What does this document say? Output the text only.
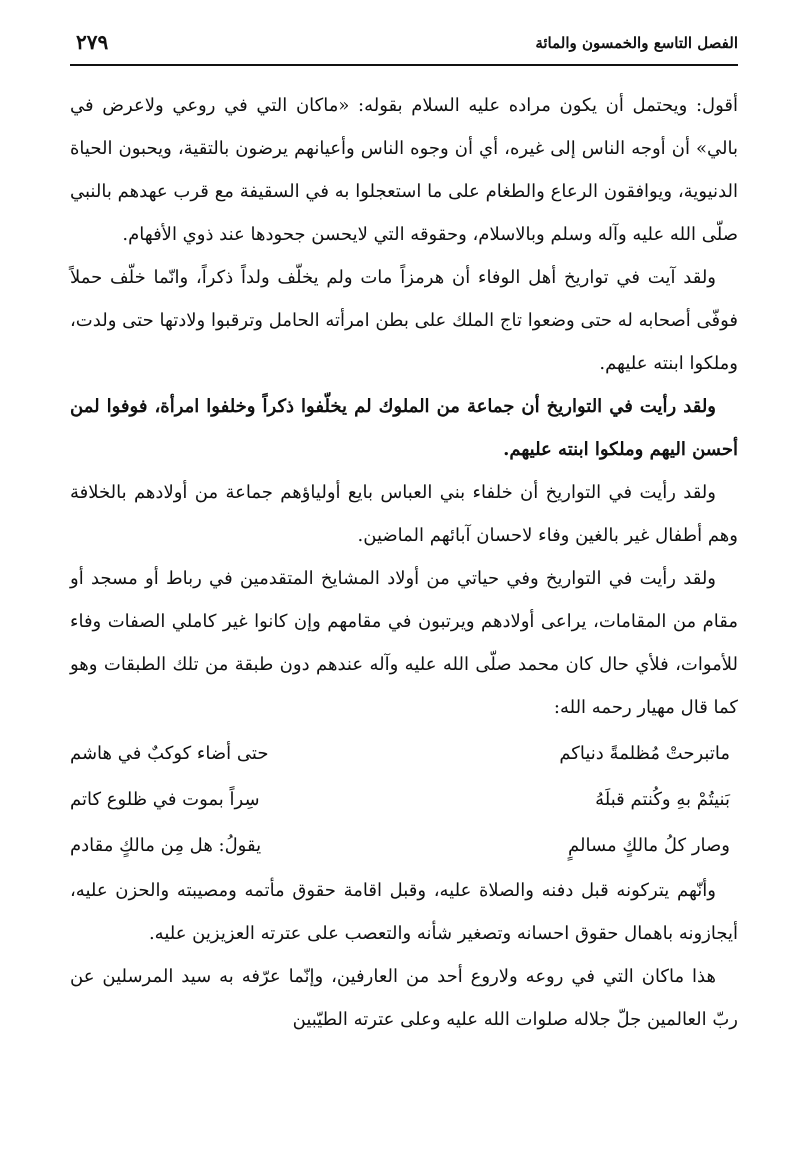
الفصل التاسع والخمسون والمائة
٢٧٩

أقول: ويحتمل أن يكون مراده عليه السلام بقوله: «ماكان التي في روعي ولاعرض في بالي» أن أوجه الناس إلى غيره، أي أن وجوه الناس وأعيانهم يرضون بالتقية، ويحبون الحياة الدنيوية، ويوافقون الرعاع والطغام على ما استعجلوا به في السقيفة مع قرب عهدهم بالنبي صلّى الله عليه وآله وسلم وبالاسلام، وحقوقه التي لايحسن جحودها عند ذوي الأفهام.

ولقد آيت في تواريخ أهل الوفاء أن هرمزاً مات ولم يخلّف ولداً ذكراً، وانّما خلّف حملاً فوفّى أصحابه له حتى وضعوا تاج الملك على بطن امرأته الحامل وترقبوا ولادتها حتى ولدت، وملكوا ابنته عليهم.

ولقد رأيت في التواريخ أن جماعة من الملوك لم يخلّفوا ذكراً وخلفوا امرأة، فوفوا لمن أحسن اليهم وملكوا ابنته عليهم.

ولقد رأيت في التواريخ أن خلفاء بني العباس بايع أولياؤهم جماعة من أولادهم بالخلافة وهم أطفال غير بالغين وفاء لاحسان آبائهم الماضين.

ولقد رأيت في التواريخ وفي حياتي من أولاد المشايخ المتقدمين في رباط أو مسجد أو مقام من المقامات، يراعى أولادهم ويرتبون في مقامهم وإن كانوا غير كاملي الصفات وفاء للأموات، فلأي حال كان محمد صلّى الله عليه وآله عندهم دون طبقة من تلك الطبقات وهو كما قال مهيار رحمه الله:

ماتبرحتْ مُظلمةً دنياكم
حتى أضاء كوكبٌ في هاشم
بَنيتُمْ بهِ وكُنتم قبلَهُ
سِراً بموت في ظلوع كاتم
وصار كلُ مالكٍ مسالمٍ
يقولُ: هل مِن مالكٍ مقادم

وأنّهم يتركونه قبل دفنه والصلاة عليه، وقبل اقامة حقوق مأتمه ومصيبته والحزن عليه، أيجازونه باهمال حقوق احسانه وتصغير شأنه والتعصب على عترته العزيزين عليه.

هذا ماكان التي في روعه ولاروع أحد من العارفين، وإنّما عرّفه به سيد المرسلين عن ربّ العالمين جلّ جلاله صلوات الله عليه وعلى عترته الطيّبين
